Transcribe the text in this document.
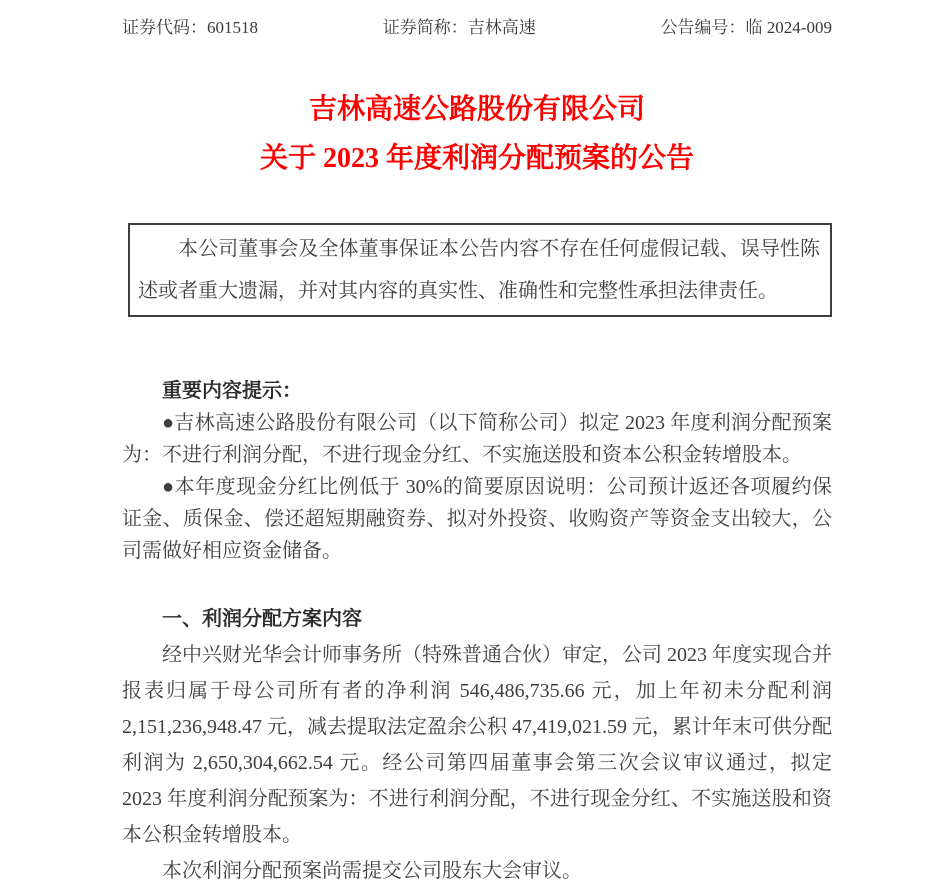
证券代码：601518	证券简称：吉林高速	公告编号：临 2024-009
吉林高速公路股份有限公司
关于 2023 年度利润分配预案的公告

本公司董事会及全体董事保证本公告内容不存在任何虚假记载、误导性陈述或者重大遗漏，并对其内容的真实性、准确性和完整性承担法律责任。

重要内容提示：

●吉林高速公路股份有限公司（以下简称公司）拟定 2023 年度利润分配预案为：不进行利润分配，不进行现金分红、不实施送股和资本公积金转增股本。

●本年度现金分红比例低于 30%的简要原因说明：公司预计返还各项履约保证金、质保金、偿还超短期融资券、拟对外投资、收购资产等资金支出较大，公司需做好相应资金储备。

一、利润分配方案内容

经中兴财光华会计师事务所（特殊普通合伙）审定，公司 2023 年度实现合并报表归属于母公司所有者的净利润 546,486,735.66 元，加上年初未分配利润 2,151,236,948.47 元，减去提取法定盈余公积 47,419,021.59 元，累计年末可供分配利润为 2,650,304,662.54 元。经公司第四届董事会第三次会议审议通过，拟定 2023 年度利润分配预案为：不进行利润分配，不进行现金分红、不实施送股和资本公积金转增股本。

本次利润分配预案尚需提交公司股东大会审议。
